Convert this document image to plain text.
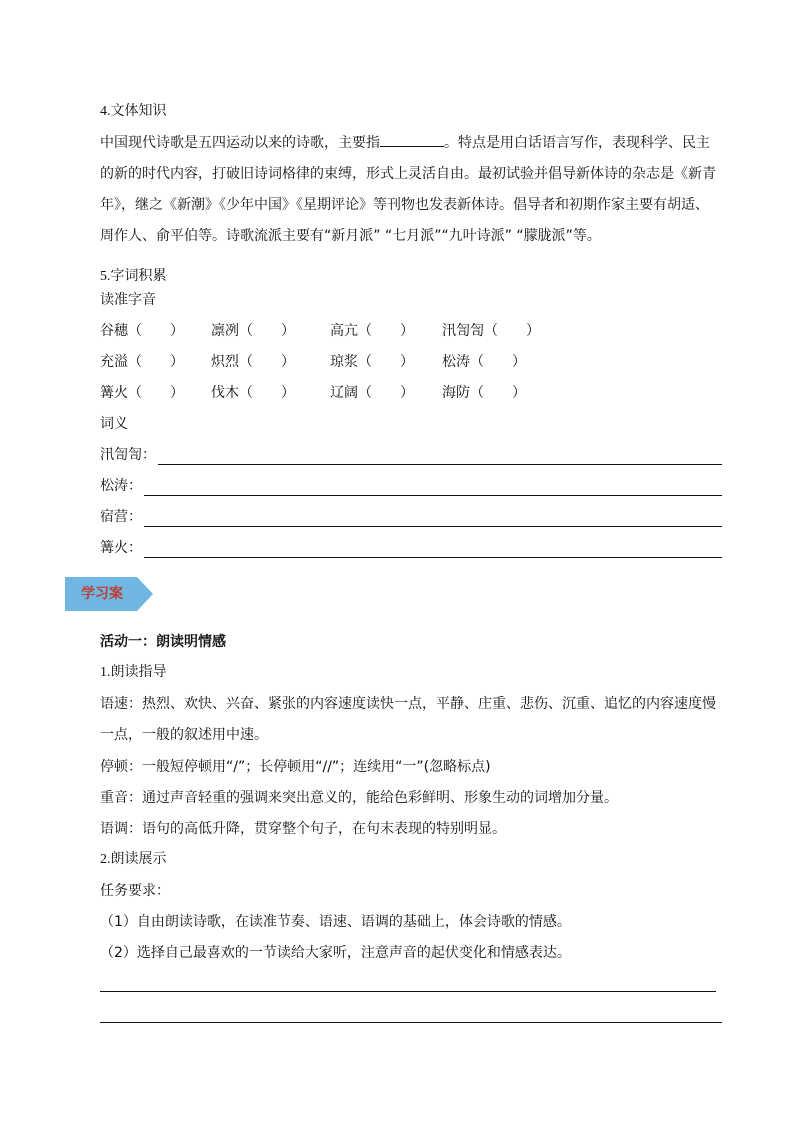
4.文体知识
中国现代诗歌是五四运动以来的诗歌，主要指	。特点是用白话语言写作，表现科学、民主的新的时代内容，打破旧诗词格律的束缚，形式上灵活自由。最初试验并倡导新体诗的杂志是《新青年》，继之《新潮》《少年中国》《星期评论》等刊物也发表新体诗。倡导者和初期作家主要有胡适、周作人、俞平伯等。诗歌流派主要有“新月派” “七月派”“九叶诗派” “朦胧派”等。
5.字词积累
读准字音
谷穗（　　） 凛冽（　　）	高亢（　　） 汛訇訇（　　）
充溢（　　） 炽烈（　　）	琼浆（　　） 松涛（　　）
篝火（　　） 伐木（　　）	辽阔（　　） 海防（　　）
词义
汛訇訇：
松涛：
宿营：
篝火：
学习案
活动一：朗读明情感
1.朗读指导
语速：热烈、欢快、兴奋、紧张的内容速度读快一点，平静、庄重、悲伤、沉重、追忆的内容速度慢一点，一般的叙述用中速。
停顿：一般短停顿用“/”；长停顿用“//”；连续用“一”(忽略标点)
重音：通过声音轻重的强调来突出意义的，能给色彩鲜明、形象生动的词增加分量。
语调：语句的高低升降，贯穿整个句子，在句末表现的特别明显。
2.朗读展示
任务要求：
（1）自由朗读诗歌，在读准节奏、语速、语调的基础上，体会诗歌的情感。
（2）选择自己最喜欢的一节读给大家听，注意声音的起伏变化和情感表达。
